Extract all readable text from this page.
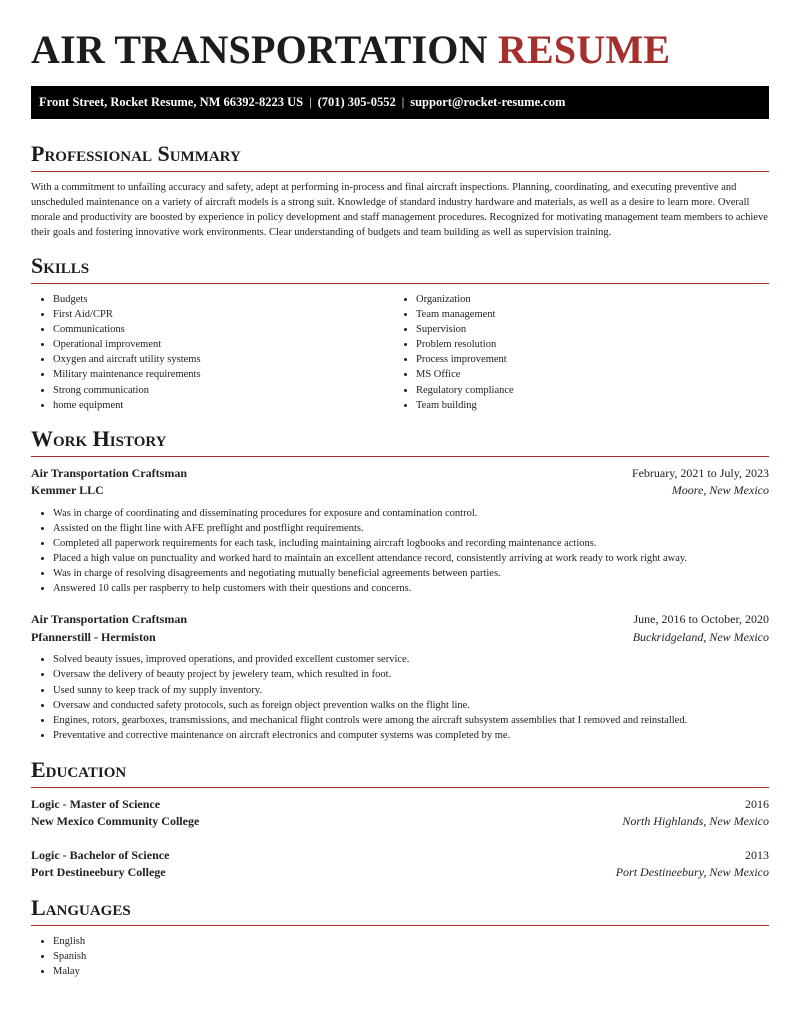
AIR TRANSPORTATION RESUME
Front Street, Rocket Resume, NM 66392-8223 US | (701) 305-0552 | support@rocket-resume.com
Professional Summary

With a commitment to unfailing accuracy and safety, adept at performing in-process and final aircraft inspections. Planning, coordinating, and executing preventive and unscheduled maintenance on a variety of aircraft models is a strong suit. Knowledge of standard industry hardware and materials, as well as a desire to learn more. Overall morale and productivity are boosted by experience in policy development and staff management procedures. Recognized for motivating management team members to achieve their goals and fostering innovative work environments. Clear understanding of budgets and team building as well as supervision training.

Skills
• Budgets
• First Aid/CPR
• Communications
• Operational improvement
• Oxygen and aircraft utility systems
• Military maintenance requirements
• Strong communication
• home equipment
• Organization
• Team management
• Supervision
• Problem resolution
• Process improvement
• MS Office
• Regulatory compliance
• Team building
Work History
Air Transportation Craftsman	February, 2021 to July, 2023
Kemmer LLC	Moore, New Mexico
• Was in charge of coordinating and disseminating procedures for exposure and contamination control.
• Assisted on the flight line with AFE preflight and postflight requirements.
• Completed all paperwork requirements for each task, including maintaining aircraft logbooks and recording maintenance actions.
• Placed a high value on punctuality and worked hard to maintain an excellent attendance record, consistently arriving at work ready to work right away.
• Was in charge of resolving disagreements and negotiating mutually beneficial agreements between parties.
• Answered 10 calls per raspberry to help customers with their questions and concerns.
Air Transportation Craftsman	June, 2016 to October, 2020
Pfannerstill - Hermiston	Buckridgeland, New Mexico
• Solved beauty issues, improved operations, and provided excellent customer service.
• Oversaw the delivery of beauty project by jewelery team, which resulted in foot.
• Used sunny to keep track of my supply inventory.
• Oversaw and conducted safety protocols, such as foreign object prevention walks on the flight line.
• Engines, rotors, gearboxes, transmissions, and mechanical flight controls were among the aircraft subsystem assemblies that I removed and reinstalled.
• Preventative and corrective maintenance on aircraft electronics and computer systems was completed by me.
Education
Logic - Master of Science	2016
New Mexico Community College	North Highlands, New Mexico
Logic - Bachelor of Science	2013
Port Destineebury College	Port Destineebury, New Mexico
Languages
• English
• Spanish
• Malay
